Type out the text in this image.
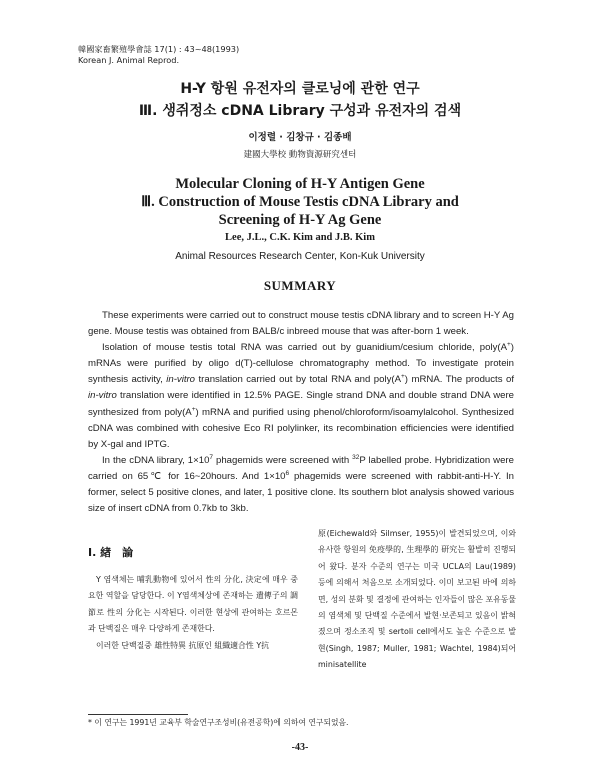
韓國家畜繁殖學會誌 17(1) : 43~48(1993)
Korean J. Animal Reprod.
H-Y 항원 유전자의 클로닝에 관한 연구
Ⅲ. 생쥐정소 cDNA Library 구성과 유전자의 검색
이정렬 · 김창규 · 김종배
建國大學校 動物資源研究센터
Molecular Cloning of H-Y Antigen Gene
Ⅲ. Construction of Mouse Testis cDNA Library and
Screening of H-Y Ag Gene
Lee, J.L., C.K. Kim and J.B. Kim
Animal Resources Research Center, Kon-Kuk University
SUMMARY

These experiments were carried out to construct mouse testis cDNA library and to screen H-Y Ag gene. Mouse testis was obtained from BALB/c inbreed mouse that was after-born 1 week.

Isolation of mouse testis total RNA was carried out by guanidium/cesium chloride, poly(A+) mRNAs were purified by oligo d(T)-cellulose chromatography method. To investigate protein synthesis activity, in-vitro translation carried out by total RNA and poly(A+) mRNA. The products of in-vitro translation were identified in 12.5% PAGE. Single strand DNA and double strand DNA were synthesized from poly(A+) mRNA and purified using phenol/chloroform/isoamylalcohol. Synthesized cDNA was combined with cohesive Eco RI polylinker, its recombination efficiencies were identified by X-gal and IPTG.

In the cDNA library, $1\times 10^7$ phagemids were screened with $^{32}$P labelled probe. Hybridization were carried on 65℃ for 16~20hours. And $1\times 10^6$ phagemids were screened with rabbit-anti-H-Y. In former, select 5 positive clones, and later, 1 positive clone. Its southern blot analysis showed various size of insert cDNA from 0.7kb to 3kb.

Ⅰ. 緖　論

Y 염색체는 哺乳動物에 있어서 性의 分化, 決定에 매우 중요한 역할을 담당한다. 이 Y염색체상에 존재하는 遺傳子의 調節로 性의 分化는 시작된다. 이러한 현상에 관여하는 호르몬과 단백질은 매우 다양하게 존재한다.

이러한 단백질중 雄性特異 抗原인 組織適合性 Y抗

原(Eichewald와 Silmser, 1955)이 발견되었으며, 이와 유사한 항원의 免疫學的, 生理學的 研究는 활발히 진행되어 왔다. 분자 수준의 연구는 미국 UCLA의 Lau(1989) 등에 의해서 처음으로 소개되었다. 이미 보고된 바에 의하면, 성의 분화 및 결정에 관여하는 인자들이 많은 포유동물의 염색체 및 단백질 수준에서 발현·보존되고 있음이 밝혀졌으며 정소조직 및 sertoli cell에서도 높은 수준으로 발현(Singh, 1987; Muller, 1981; Wachtel, 1984)되어 minisatellite

* 이 연구는 1991년 교육부 학술연구조성비(유전공학)에 의하여 연구되었음.
-43-
